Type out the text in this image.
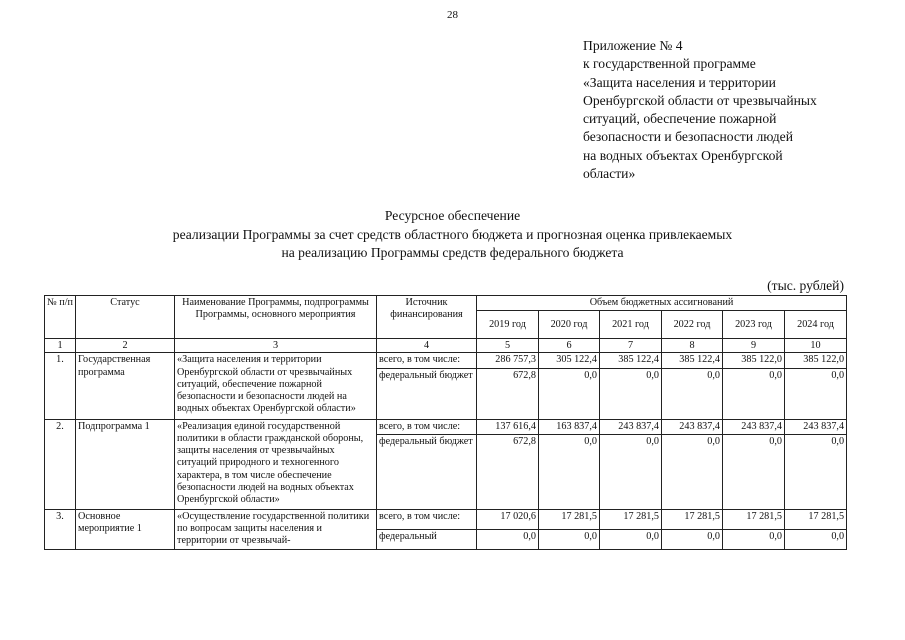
28
Приложение № 4
к государственной программе
«Защита населения и территории
Оренбургской области от чрезвычайных
ситуаций, обеспечение пожарной
безопасности и безопасности людей
на водных объектах Оренбургской
области»
Ресурсное обеспечение
реализации Программы за счет средств областного бюджета и прогнозная оценка привлекаемых
на реализацию Программы средств федерального бюджета
(тыс. рублей)
№ п/п	Статус	Наименование Программы, подпрограммы Программы, основного мероприятия	Источник финансирования	Объем бюджетных ассигнований					
				2019 год	2020 год	2021 год	2022 год	2023 год	2024 год
1	2	3	4	5	6	7	8	9	10
1.	Государственная программа	«Защита населения и территории Оренбургской области от чрезвычайных ситуаций, обеспечение пожарной безопасности и безопасности людей на водных объектах Оренбургской области»	всего, в том числе:	286 757,3	305 122,4	385 122,4	385 122,4	385 122,0	385 122,0
			федеральный бюджет	672,8	0,0	0,0	0,0	0,0	0,0
2.	Подпрограмма 1	«Реализация единой государственной политики в области гражданской обороны, защиты населения от чрезвычайных ситуаций природного и техногенного характера, в том числе обеспечение безопасности людей на водных объектах Оренбургской области»	всего, в том числе:	137 616,4	163 837,4	243 837,4	243 837,4	243 837,4	243 837,4
			федеральный бюджет	672,8	0,0	0,0	0,0	0,0	0,0
3.	Основное мероприятие 1	«Осуществление государственной политики по вопросам защиты населения и территории от чрезвычай-	всего, в том числе:	17 020,6	17 281,5	17 281,5	17 281,5	17 281,5	17 281,5
			федеральный	0,0	0,0	0,0	0,0	0,0	0,0
